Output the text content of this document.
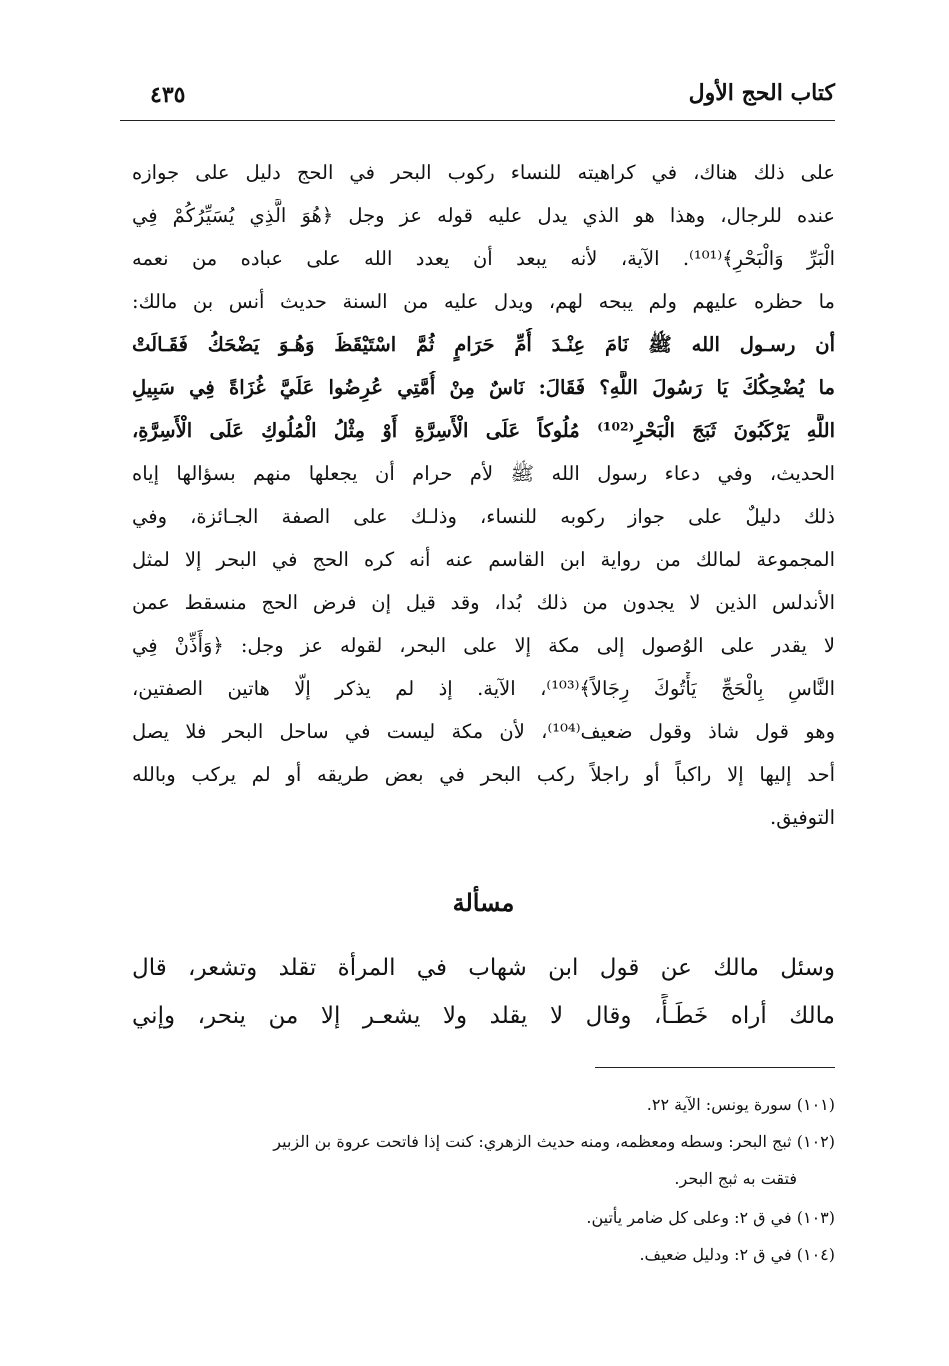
كتاب الحج الأول
٤٣٥
على ذلك هناك، في كراهيته للنساء ركوب البحر في الحج دليل على جوازه
عنده للرجال، وهذا هو الذي يدل عليه قوله عز وجل ﴿هُوَ الَّذِي يُسَيِّرُكُمْ فِي
الْبَرِّ وَالْبَحْرِ﴾⁽¹⁰¹⁾. الآية، لأنه يبعد أن يعدد الله على عباده من نعمه
ما حظره عليهم ولم يبحه لهم، ويدل عليه من السنة حديث أنس بن مالك:
أن رسـول الله ﷺ نَامَ عِنْـدَ أُمِّ حَرَامٍ ثُمَّ اسْتَيْقَظَ وَهُـوَ يَضْحَكُ فَقَـالَتْ
ما يُضْحِكُكَ يَا رَسُولَ اللَّهِ؟ فَقَالَ: نَاسٌ مِنْ أُمَّتِي عُرِضُوا عَلَيَّ غُزَاةً فِي سَبِيلِ
اللَّهِ يَرْكَبُونَ ثَبَجَ الْبَحْرِ⁽¹⁰²⁾ مُلُوكاً عَلَى الْأَسِرَّةِ أَوْ مِثْلُ الْمُلُوكِ عَلَى الْأَسِرَّةِ،
الحديث، وفي دعاء رسول الله ﷺ لأم حرام أن يجعلها منهم بسؤالها إياه
ذلك دليلٌ على جواز ركوبه للنساء، وذلـك على الصفة الجـائزة، وفي
المجموعة لمالك من رواية ابن القاسم عنه أنه كره الحج في البحر إلا لمثل
الأندلس الذين لا يجدون من ذلك بُدا، وقد قيل إن فرض الحج منسقط عمن
لا يقدر على الوُصول إلى مكة إلا على البحر، لقوله عز وجل: ﴿وَأَذِّنْ فِي
النَّاسِ بِالْحَجِّ يَأْتُوكَ رِجَالاً﴾⁽¹⁰³⁾، الآية. إذ لم يذكر إلّا هاتين الصفتين،
وهو قول شاذ وقول ضعيف⁽¹⁰⁴⁾، لأن مكة ليست في ساحل البحر فلا يصل
أحد إليها إلا راكباً أو راجلاً ركب البحر في بعض طريقه أو لم يركب وبالله
التوفيق.
مسألة
وسئل مالك عن قول ابن شهاب في المرأة تقلد وتشعر، قال
مالك أراه خَطَـأً، وقال لا يقلد ولا يشعـر إلا من ينحر، وإني
(١٠١) سورة يونس: الآية ٢٢.
(١٠٢) ثبج البحر: وسطه ومعظمه، ومنه حديث الزهري: كنت إذا فاتحت عروة بن الزبير
فتقت به ثبج البحر.
(١٠٣) في ق ٢: وعلى كل ضامر يأتين.
(١٠٤) في ق ٢: ودليل ضعيف.
